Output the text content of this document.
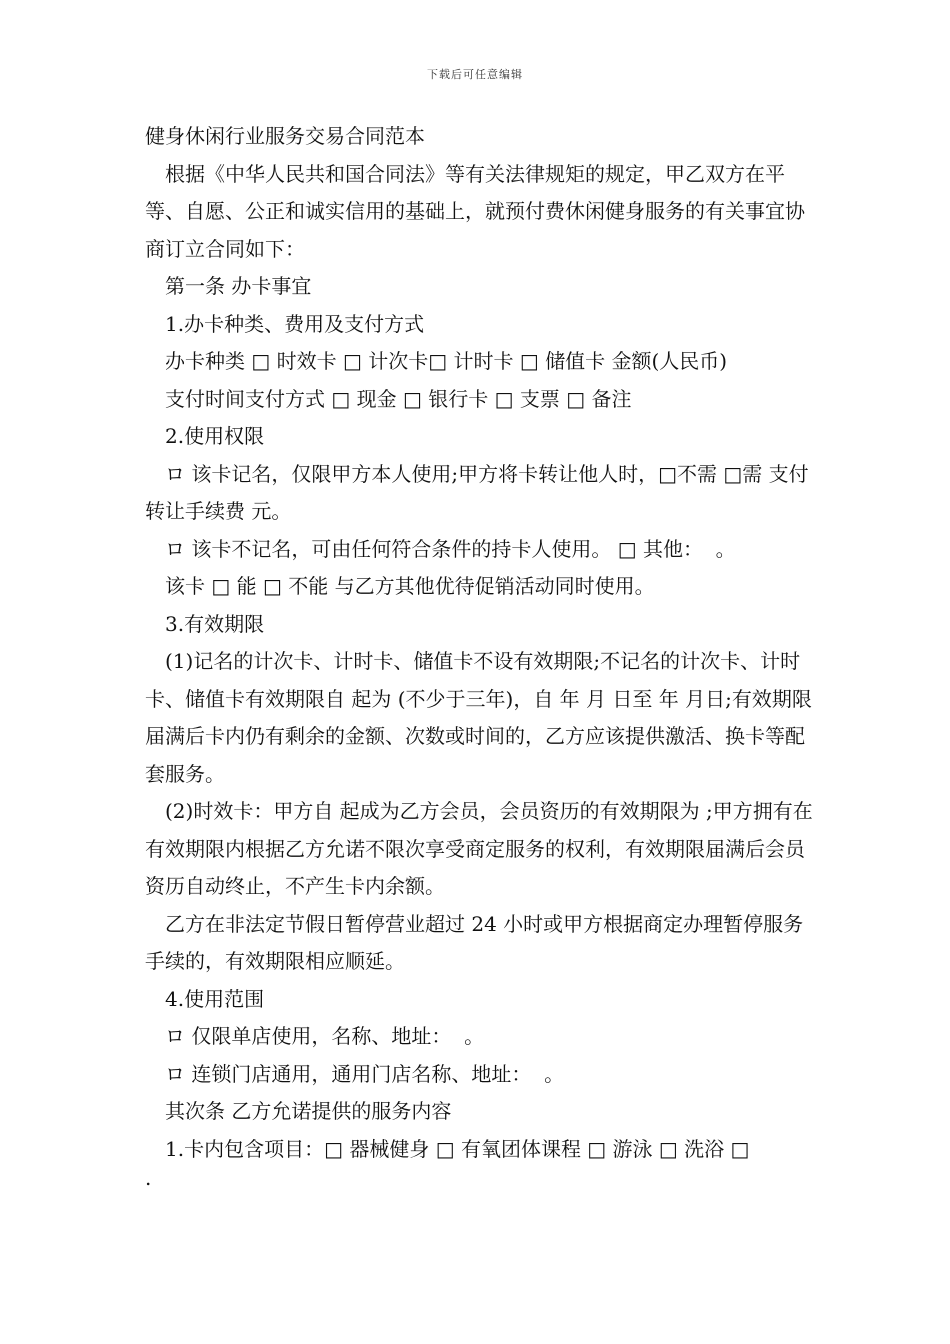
下载后可任意编辑

健身休闲行业服务交易合同范本

根据《中华人民共和国合同法》等有关法律规矩的规定，甲乙双方在平等、自愿、公正和诚实信用的基础上，就预付费休闲健身服务的有关事宜协商订立合同如下：

第一条 办卡事宜

1.办卡种类、费用及支付方式

办卡种类 □ 时效卡 □ 计次卡□ 计时卡 □ 储值卡 金额(人民币)

支付时间支付方式 □ 现金 □ 银行卡 □ 支票 □ 备注

2.使用权限

ロ 该卡记名，仅限甲方本人使用;甲方将卡转让他人时，□不需 □需 支付转让手续费 元。

ロ 该卡不记名，可由任何符合条件的持卡人使用。 □ 其他：  。

该卡 □ 能 □ 不能 与乙方其他优待促销活动同时使用。

3.有效期限

(1)记名的计次卡、计时卡、储值卡不设有效期限;不记名的计次卡、计时卡、储值卡有效期限自 起为 (不少于三年)，自 年 月 日至 年 月日;有效期限届满后卡内仍有剩余的金额、次数或时间的，乙方应该提供激活、换卡等配套服务。

(2)时效卡：甲方自 起成为乙方会员，会员资历的有效期限为 ;甲方拥有在有效期限内根据乙方允诺不限次享受商定服务的权利，有效期限届满后会员资历自动终止，不产生卡内余额。

乙方在非法定节假日暂停营业超过 24 小时或甲方根据商定办理暂停服务手续的，有效期限相应顺延。

4.使用范围

ロ 仅限单店使用，名称、地址：  。

ロ 连锁门店通用，通用门店名称、地址：  。

其次条 乙方允诺提供的服务内容

1.卡内包含项目：□ 器械健身 □ 有氧团体课程 □ 游泳 □ 洗浴 □

.
